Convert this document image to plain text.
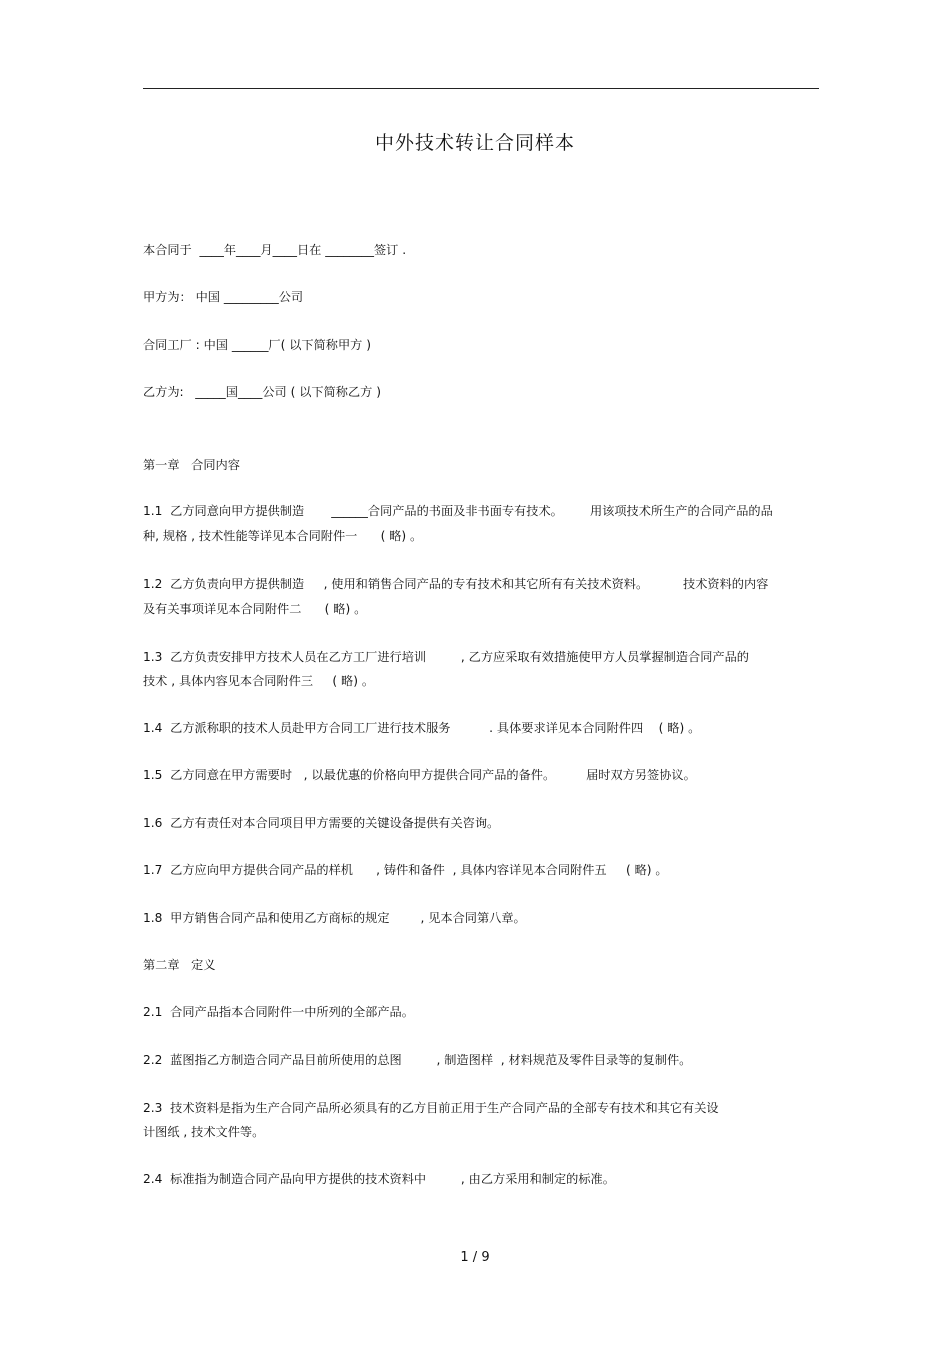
中外技术转让合同样本
本合同于  ____年____月____日在 ________签订 .
甲方为： 中国 _________公司
合同工厂 : 中国 ______厂( 以下简称甲方 )
乙方为:   _____国____公司 ( 以下简称乙方 )
第一章   合同内容
1.1  乙方同意向甲方提供制造       ______合同产品的书面及非书面专有技术。       用该项技术所生产的合同产品的品
种, 规格 , 技术性能等详见本合同附件一      ( 略) 。
1.2  乙方负责向甲方提供制造     , 使用和销售合同产品的专有技术和其它所有有关技术资料。         技术资料的内容
及有关事项详见本合同附件二      ( 略) 。
1.3  乙方负责安排甲方技术人员在乙方工厂进行培训         , 乙方应采取有效措施使甲方人员掌握制造合同产品的
技术 , 具体内容见本合同附件三     ( 略) 。
1.4  乙方派称职的技术人员赴甲方合同工厂进行技术服务          . 具体要求详见本合同附件四    ( 略) 。
1.5  乙方同意在甲方需要时   , 以最优惠的价格向甲方提供合同产品的备件。        届时双方另签协议。
1.6  乙方有责任对本合同项目甲方需要的关键设备提供有关咨询。
1.7  乙方应向甲方提供合同产品的样机      , 铸件和备件  , 具体内容详见本合同附件五     ( 略) 。
1.8  甲方销售合同产品和使用乙方商标的规定        , 见本合同第八章。
第二章   定义
2.1  合同产品指本合同附件一中所列的全部产品。
2.2  蓝图指乙方制造合同产品目前所使用的总图         , 制造图样  , 材料规范及零件目录等的复制件。
2.3  技术资料是指为生产合同产品所必须具有的乙方目前正用于生产合同产品的全部专有技术和其它有关设
计图纸 , 技术文件等。
2.4  标准指为制造合同产品向甲方提供的技术资料中         , 由乙方采用和制定的标准。
1 / 9
